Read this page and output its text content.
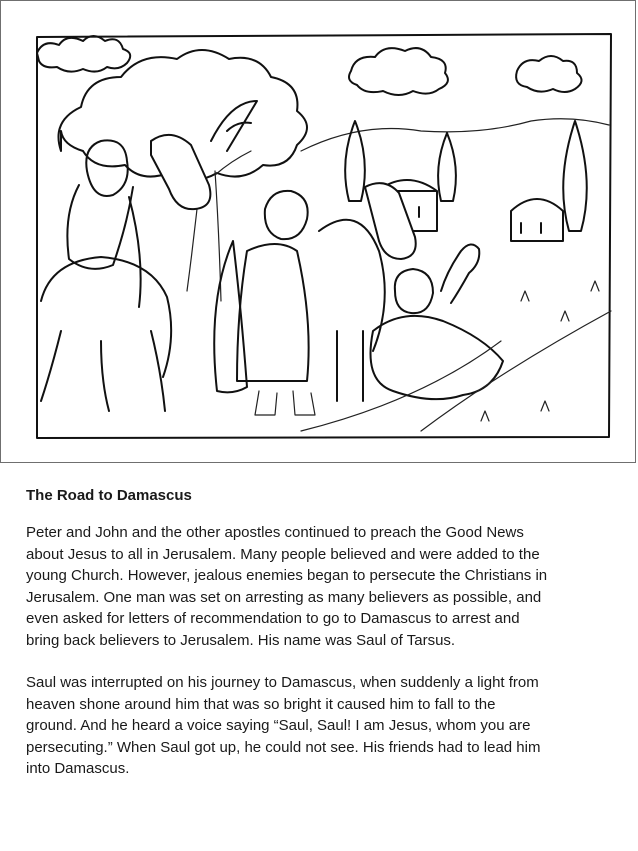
The Road to Damascus
Peter and John and the other apostles continued to preach the Good News
about Jesus to all in Jerusalem. Many people believed and were added to the
young Church. However, jealous enemies began to persecute the Christians in
Jerusalem. One man was set on arresting as many believers as possible, and
even asked for letters of recommendation to go to Damascus to arrest and
bring back believers to Jerusalem. His name was Saul of Tarsus.
Saul was interrupted on his journey to Damascus, when suddenly a light from
heaven shone around him that was so bright it caused him to fall to the
ground. And he heard a voice saying “Saul, Saul! I am Jesus, whom you are
persecuting.” When Saul got up, he could not see. His friends had to lead him
into Damascus.
